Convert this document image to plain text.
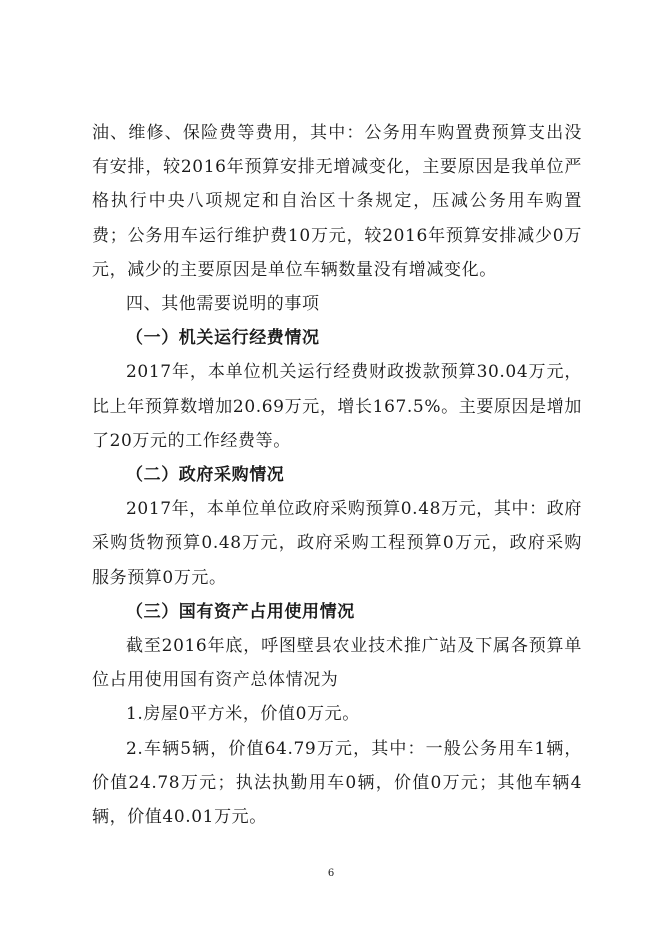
油、维修、保险费等费用，其中：公务用车购置费预算支出没有安排，较2016年预算安排无增减变化，主要原因是我单位严格执行中央八项规定和自治区十条规定，压减公务用车购置费；公务用车运行维护费10万元，较2016年预算安排减少0万元，减少的主要原因是单位车辆数量没有增减变化。

四、其他需要说明的事项

（一）机关运行经费情况

2017年，本单位机关运行经费财政拨款预算30.04万元，比上年预算数增加20.69万元，增长167.5%。主要原因是增加了20万元的工作经费等。

（二）政府采购情况

2017年，本单位单位政府采购预算0.48万元，其中：政府采购货物预算0.48万元，政府采购工程预算0万元，政府采购服务预算0万元。

（三）国有资产占用使用情况

截至2016年底，呼图壁县农业技术推广站及下属各预算单位占用使用国有资产总体情况为

1.房屋0平方米，价值0万元。

2.车辆5辆，价值64.79万元，其中：一般公务用车1辆，价值24.78万元；执法执勤用车0辆，价值0万元；其他车辆4辆，价值40.01万元。

6
